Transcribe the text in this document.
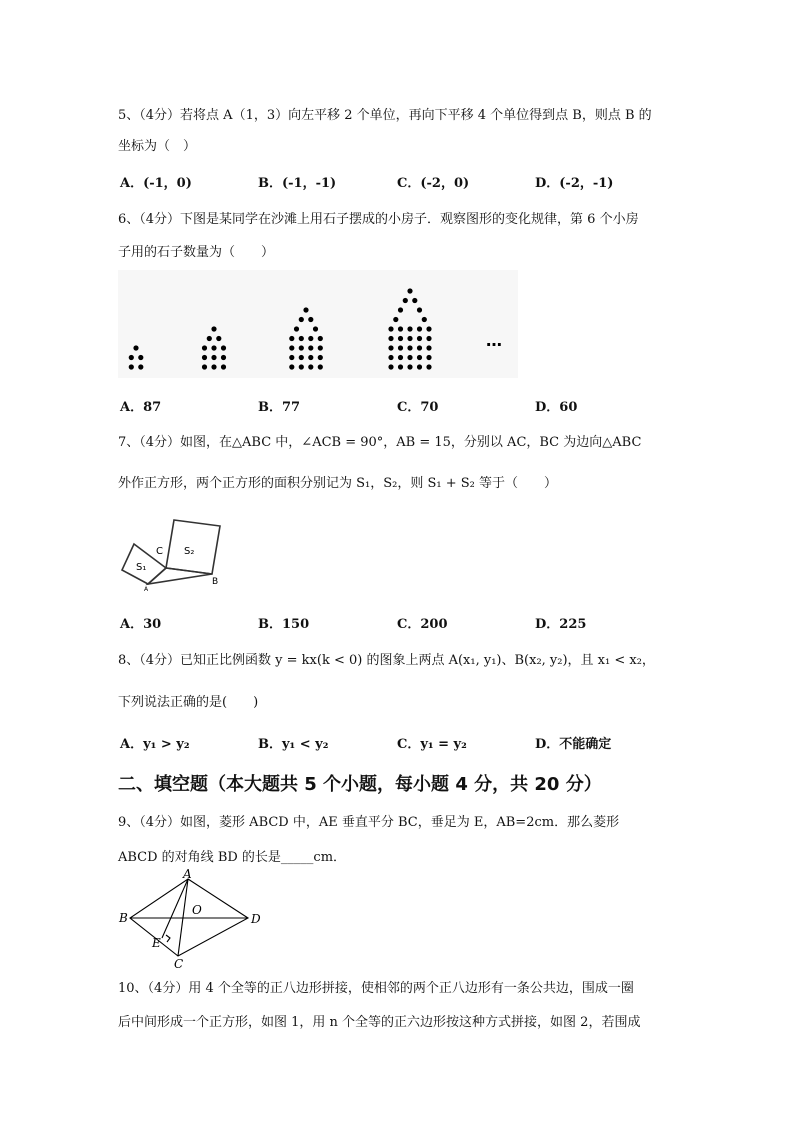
5、（4分）若将点 A（1，3）向左平移 2 个单位，再向下平移 4 个单位得到点 B，则点 B 的
坐标为（　）
A．(-1，0)	B．(-1，-1)	C．(-2，0)	D．(-2，-1)
6、（4分）下图是某同学在沙滩上用石子摆成的小房子．观察图形的变化规律，第 6 个小房
子用的石子数量为（　　）
…
A．87	B．77	C．70	D．60
7、（4分）如图，在△ABC 中，∠ACB = 90°，AB = 15，分别以 AC，BC 为边向△ABC
外作正方形，两个正方形的面积分别记为 S₁，S₂，则 S₁ + S₂ 等于（　　）
C S₂
S₁
B
A
A．30	B．150	C．200	D．225
8、（4分）已知正比例函数 y = kx(k < 0) 的图象上两点 A(x₁, y₁)、B(x₂, y₂)，且 x₁ < x₂，
下列说法正确的是(　　)
A．y₁ > y₂	B．y₁ < y₂	C．y₁ = y₂	D．不能确定
二、填空题（本大题共 5 个小题，每小题 4 分，共 20 分）
9、（4分）如图，菱形 ABCD 中，AE 垂直平分 BC，垂足为 E，AB=2cm．那么菱形
ABCD 的对角线 BD 的长是_____cm．
A
B
O
D
E
C
10、（4分）用 4 个全等的正八边形拼接，使相邻的两个正八边形有一条公共边，围成一圈
后中间形成一个正方形，如图 1，用 n 个全等的正六边形按这种方式拼接，如图 2，若围成
